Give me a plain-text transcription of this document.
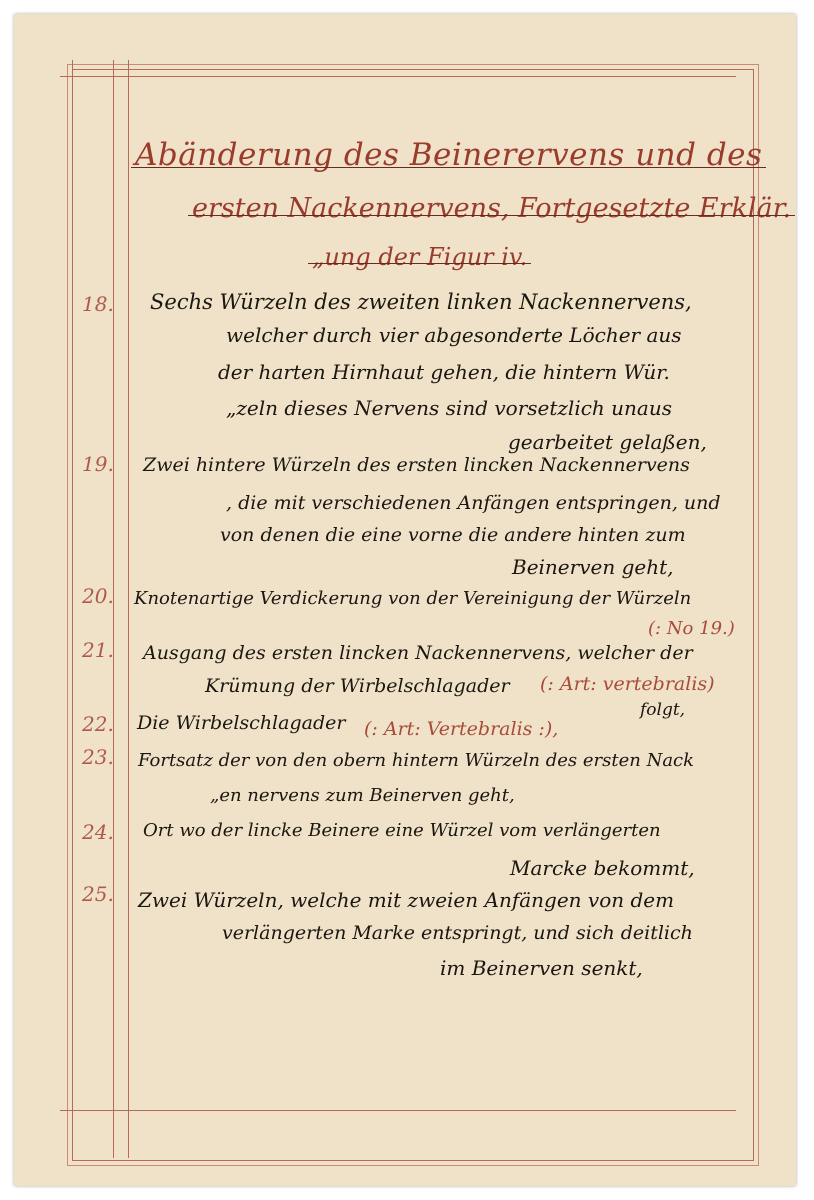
Abänderung des Beinerervens und des
ersten Nackennervens, Fortgesetzte Erklär.
„ung der Figur iv.
18. Sechs Würzeln des zweiten linken Nackennervens,
welcher durch vier abgesonderte Löcher aus
der harten Hirnhaut gehen, die hintern Wür.
„zeln dieses Nervens sind vorsetzlich unaus
gearbeitet gelaßen,
19. Zwei hintere Würzeln des ersten lincken Nackennervens
, die mit verschiedenen Anfängen entspringen, und
von denen die eine vorne die andere hinten zum
Beinerven geht,
20. Knotenartige Verdickerung von der Vereinigung der Würzeln
(: No 19.)
21. Ausgang des ersten lincken Nackennervens, welcher der
Krümung der Wirbelschlagader (: Art: vertebralis)
folgt,
22. Die Wirbelschlagader (: Art: Vertebralis :),
23. Fortsatz der von den obern hintern Würzeln des ersten Nack
„en nervens zum Beinerven geht,
24. Ort wo der lincke Beinere eine Würzel vom verlängerten
Marcke bekommt,
25. Zwei Würzeln, welche mit zweien Anfängen von dem
verlängerten Marke entspringt, und sich deitlich
im Beinerven senkt,
